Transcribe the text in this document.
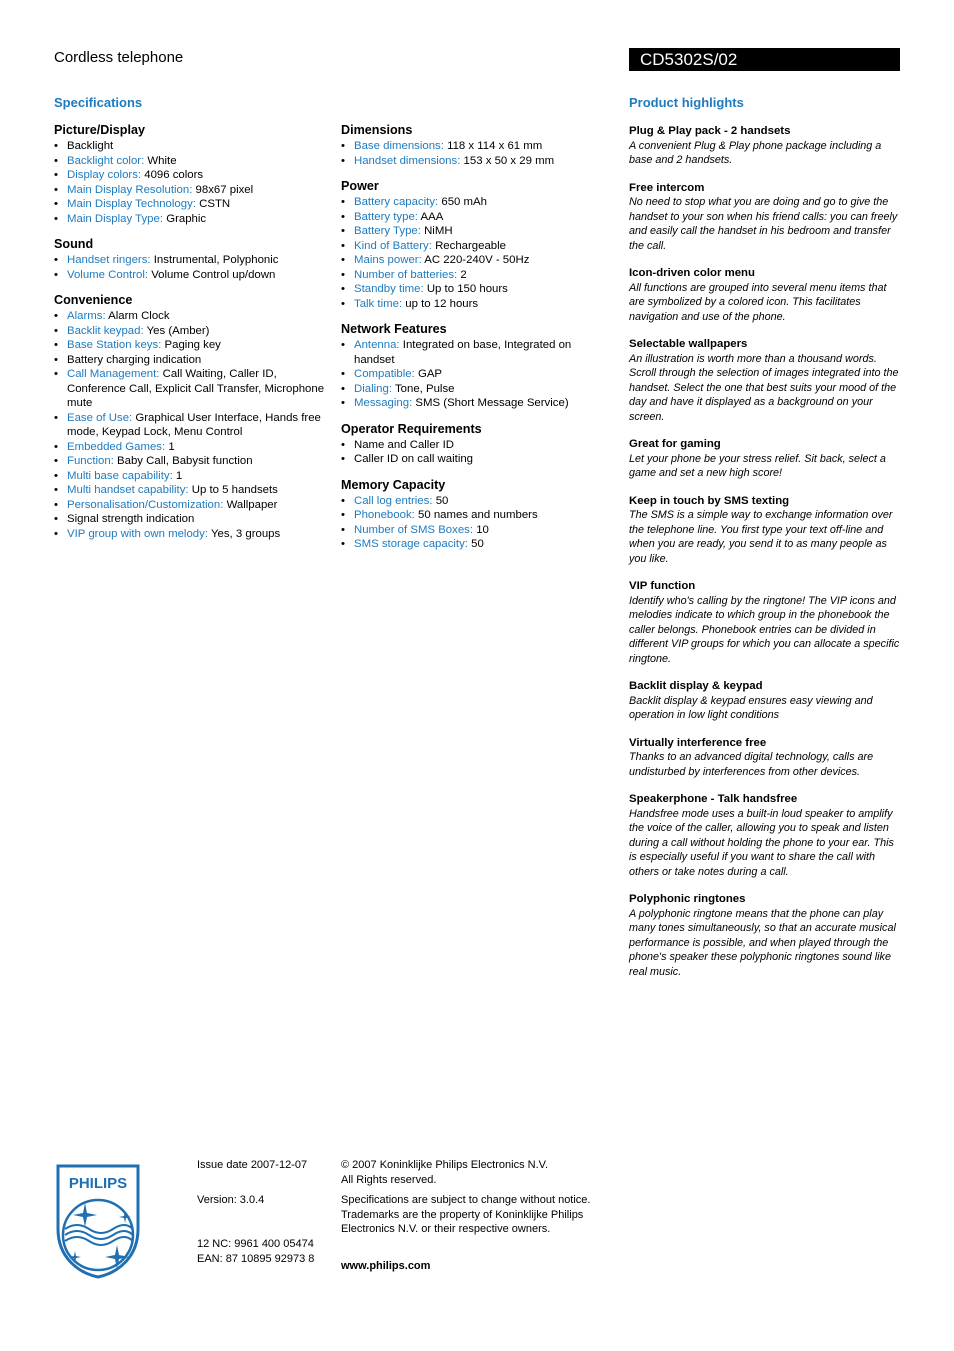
Cordless telephone	CD5302S/02
Specifications	Product highlights
Picture/Display
• Backlight
• Backlight color: White
• Display colors: 4096 colors
• Main Display Resolution: 98x67 pixel
• Main Display Technology: CSTN
• Main Display Type: Graphic
Sound
• Handset ringers: Instrumental, Polyphonic
• Volume Control: Volume Control up/down
Convenience
• Alarms: Alarm Clock
• Backlit keypad: Yes (Amber)
• Base Station keys: Paging key
• Battery charging indication
• Call Management: Call Waiting, Caller ID, Conference Call, Explicit Call Transfer, Microphone mute
• Ease of Use: Graphical User Interface, Hands free mode, Keypad Lock, Menu Control
• Embedded Games: 1
• Function: Baby Call, Babysit function
• Multi base capability: 1
• Multi handset capability: Up to 5 handsets
• Personalisation/Customization: Wallpaper
• Signal strength indication
• VIP group with own melody: Yes, 3 groups
Dimensions
• Base dimensions: 118 x 114 x 61 mm
• Handset dimensions: 153 x 50 x 29 mm
Power
• Battery capacity: 650 mAh
• Battery type: AAA
• Battery Type: NiMH
• Kind of Battery: Rechargeable
• Mains power: AC 220-240V - 50Hz
• Number of batteries: 2
• Standby time: Up to 150 hours
• Talk time: up to 12 hours
Network Features
• Antenna: Integrated on base, Integrated on handset
• Compatible: GAP
• Dialing: Tone, Pulse
• Messaging: SMS (Short Message Service)
Operator Requirements
• Name and Caller ID
• Caller ID on call waiting
Memory Capacity
• Call log entries: 50
• Phonebook: 50 names and numbers
• Number of SMS Boxes: 10
• SMS storage capacity: 50
Plug & Play pack - 2 handsets

A convenient Plug & Play phone package including a base and 2 handsets.

Free intercom

No need to stop what you are doing and go to give the handset to your son when his friend calls: you can freely and easily call the handset in his bedroom and transfer the call.

Icon-driven color menu

All functions are grouped into several menu items that are symbolized by a colored icon. This facilitates navigation and use of the phone.

Selectable wallpapers

An illustration is worth more than a thousand words. Scroll through the selection of images integrated into the handset. Select the one that best suits your mood of the day and have it displayed as a background on your screen.

Great for gaming

Let your phone be your stress relief. Sit back, select a game and set a new high score!

Keep in touch by SMS texting

The SMS is a simple way to exchange information over the telephone line. You first type your text off-line and when you are ready, you send it to as many people as you like.

VIP function

Identify who's calling by the ringtone! The VIP icons and melodies indicate to which group in the phonebook the caller belongs. Phonebook entries can be divided in different VIP groups for which you can allocate a specific ringtone.

Backlit display & keypad

Backlit display & keypad ensures easy viewing and operation in low light conditions

Virtually interference free

Thanks to an advanced digital technology, calls are undisturbed by interferences from other devices.

Speakerphone - Talk handsfree

Handsfree mode uses a built-in loud speaker to amplify the voice of the caller, allowing you to speak and listen during a call without holding the phone to your ear. This is especially useful if you want to share the call with others or take notes during a call.

Polyphonic ringtones

A polyphonic ringtone means that the phone can play many tones simultaneously, so that an accurate musical performance is possible, and when played through the phone's speaker these polyphonic ringtones sound like real music.

PHILIPS

Issue date 2007-12-07

Version: 3.0.4

12 NC: 9961 400 05474

EAN: 87 10895 92973 8

© 2007 Koninklijke Philips Electronics N.V.

All Rights reserved.

Specifications are subject to change without notice. Trademarks are the property of Koninklijke Philips Electronics N.V. or their respective owners.

www.philips.com
